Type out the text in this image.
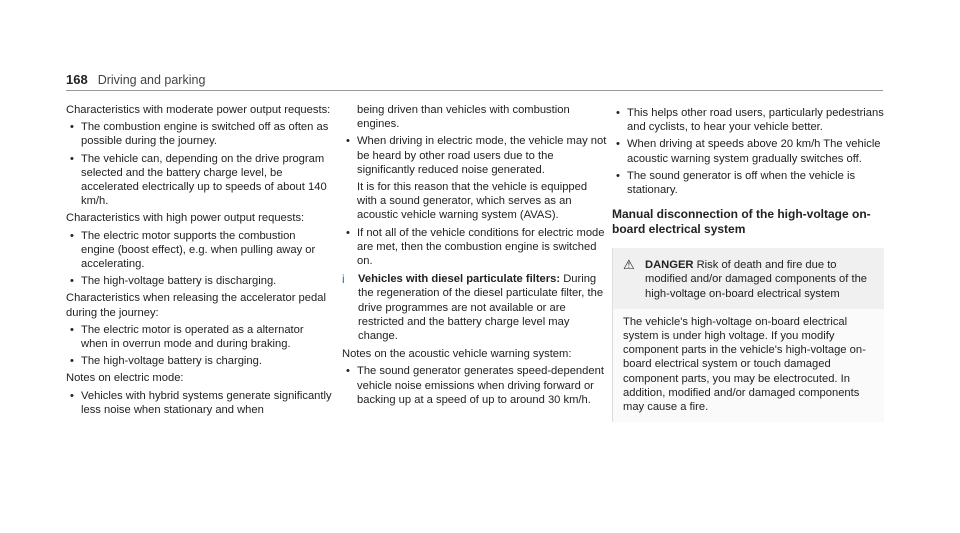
168 Driving and parking

Characteristics with moderate power output requests:

• The combustion engine is switched off as often as possible during the journey.
• The vehicle can, depending on the drive program selected and the battery charge level, be accelerated electrically up to speeds of about 140 km/h.

Characteristics with high power output requests:

• The electric motor supports the combustion engine (boost effect), e.g. when pulling away or accelerating.
• The high-voltage battery is discharging.

Characteristics when releasing the accelerator pedal during the journey:

• The electric motor is operated as a alternator when in overrun mode and during braking.
• The high-voltage battery is charging.

Notes on electric mode:

• Vehicles with hybrid systems generate significantly less noise when stationary and when

being driven than vehicles with combustion engines.

• When driving in electric mode, the vehicle may not be heard by other road users due to the significantly reduced noise generated.

It is for this reason that the vehicle is equipped with a sound generator, which serves as an acoustic vehicle warning system (AVAS).

• If not all of the vehicle conditions for electric mode are met, then the combustion engine is switched on.
i	Vehicles with diesel particulate filters: During the regeneration of the diesel particulate filter, the drive programmes are not available or are restricted and the battery charge level may change.

Notes on the acoustic vehicle warning system:

• The sound generator generates speed-dependent vehicle noise emissions when driving forward or backing up at a speed of up to around 30 km/h.
• This helps other road users, particularly pedestrians and cyclists, to hear your vehicle better.
• When driving at speeds above 20 km/h The vehicle acoustic warning system gradually switches off.
• The sound generator is off when the vehicle is stationary.
Manual disconnection of the high-voltage on-board electrical system
⚠ DANGER Risk of death and fire due to modified and/or damaged components of the high-voltage on-board electrical system
The vehicle's high-voltage on-board electrical system is under high voltage. If you modify component parts in the vehicle's high-voltage on-board electrical system or touch damaged component parts, you may be electrocuted. In addition, modified and/or damaged components may cause a fire.
